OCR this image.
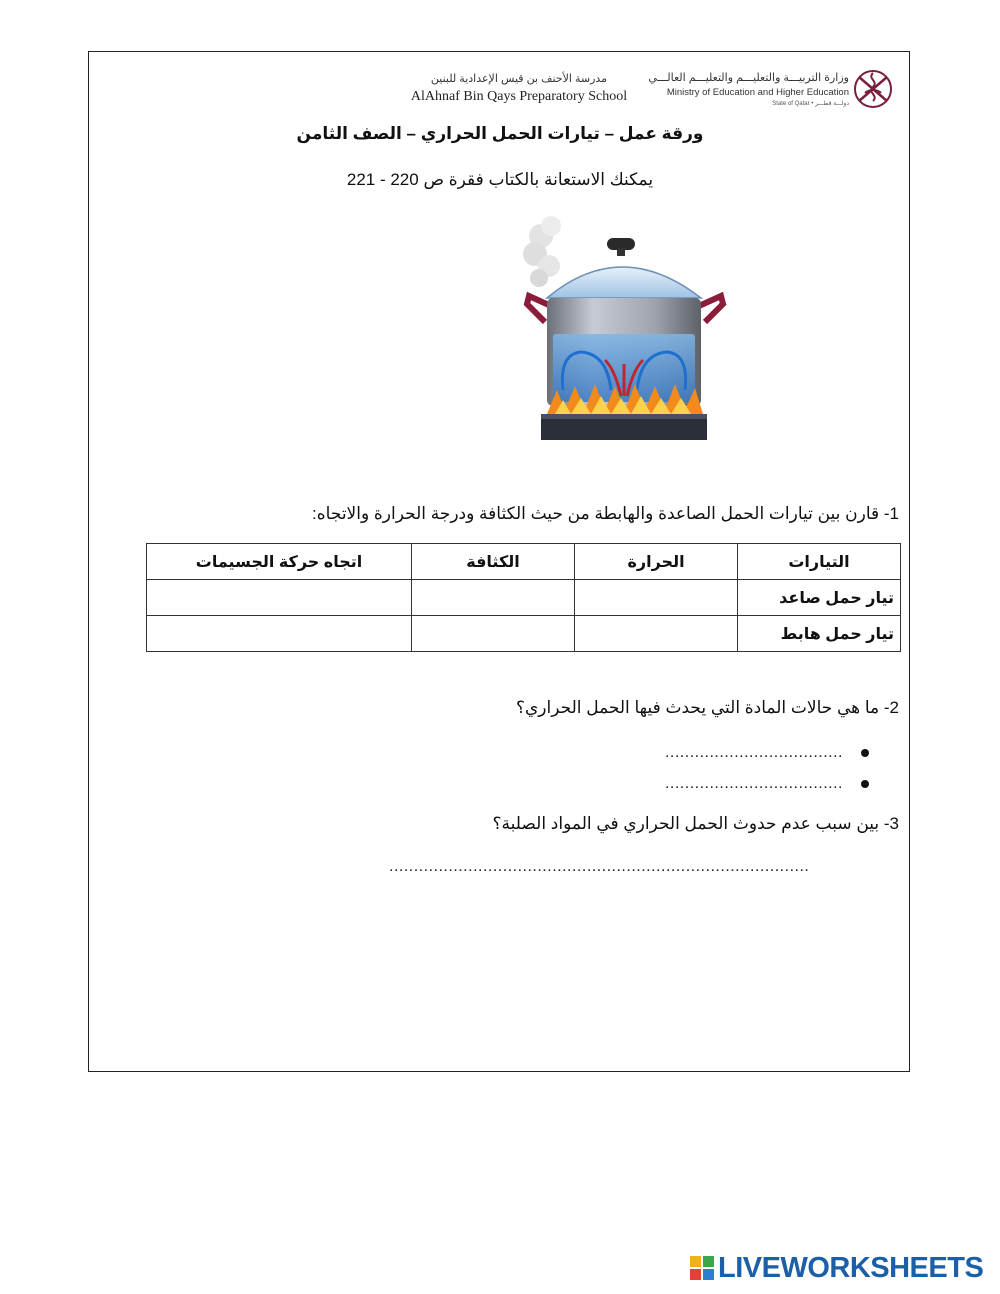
مدرسة الأحنف بن قيس الإعدادية للبنين
AlAhnaf Bin Qays Preparatory School
وزارة التربيـــة والتعليـــم والتعليـــم العالـــي
Ministry of Education and Higher Education
State of Qatar • دولـــة قطـــر
ورقة عمل – تيارات الحمل الحراري – الصف الثامن
يمكنك الاستعانة بالكتاب فقرة ص 220 - 221
1- قارن بين تيارات الحمل الصاعدة والهابطة من حيث الكثافة ودرجة الحرارة والاتجاه:
التيارات	الحرارة	الكثافة	اتجاه حركة الجسيمات
تيار حمل صاعد			
تيار حمل هابط			
2- ما هي حالات المادة التي يحدث فيها الحمل الحراري؟
....................................
....................................
3- بين سبب عدم حدوث الحمل الحراري في المواد الصلبة؟
.....................................................................................
LIVEWORKSHEETS
